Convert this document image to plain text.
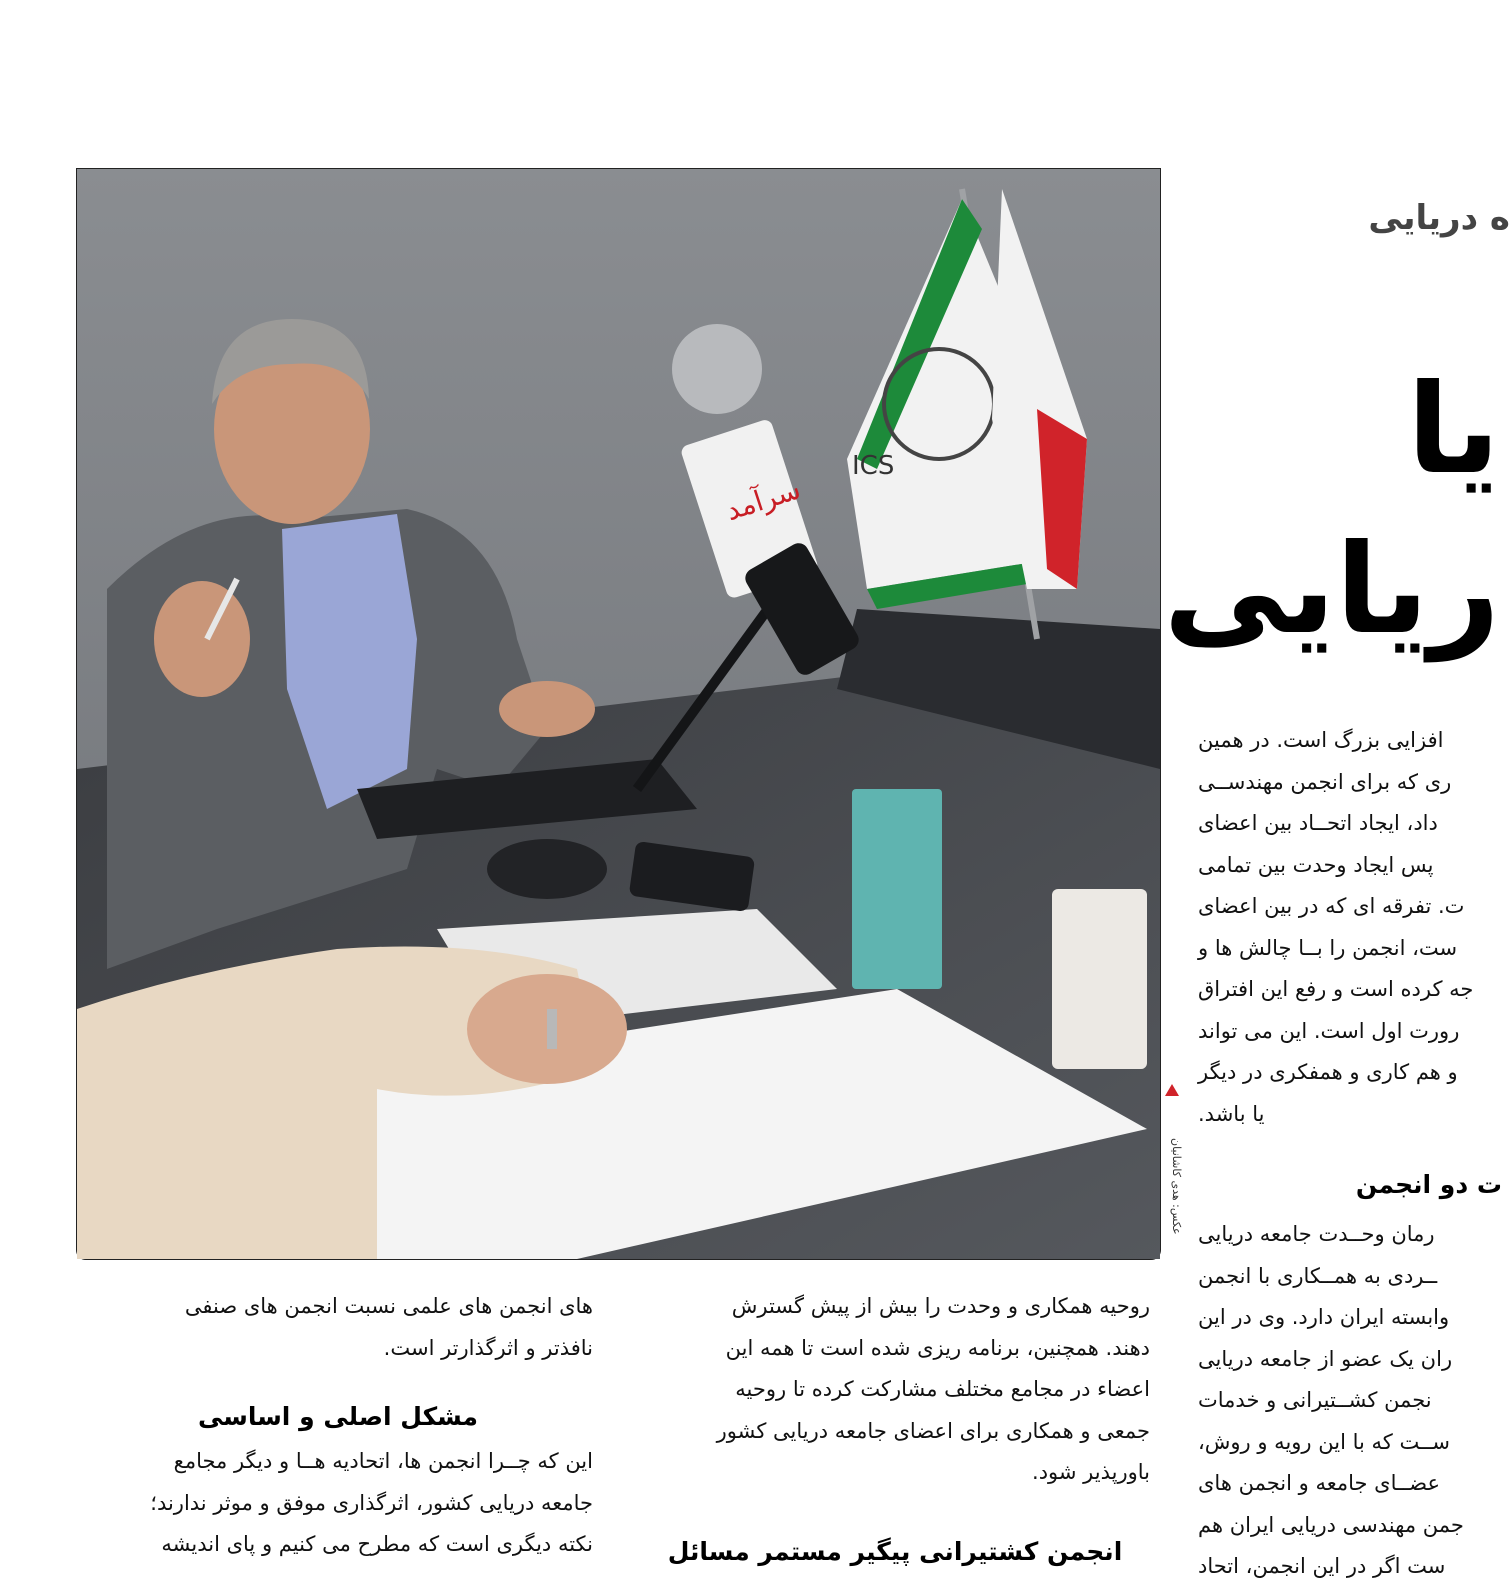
ه دریایی
یا
ریایی
سرآمد
ICS
عکس: هدی کاشانیان

افزایی بزرگ است. در همین

ری که برای انجمن مهندســی

داد، ایجاد اتحــاد بین اعضای

پس ایجاد وحدت بین تمامی

ت. تفرقه ای که در بین اعضای

ست، انجمن را بــا چالش ها و

جه کرده است و رفع این افتراق

رورت اول است. این می تواند

و هم کاری و همفکری در دیگر

یا باشد.

ت دو انجمن

رمان وحــدت جامعه دریایی

ــردی به همــکاری با انجمن

وابسته ایران دارد. وی در این

ران یک عضو از جامعه دریایی

نجمن کشــتیرانی و خدمات

ســت که با این رویه و روش،

عضــای جامعه و انجمن های

جمن مهندسی دریایی ایران هم

ست اگر در این انجمن، اتحاد

روحیه همکاری و وحدت را بیش از پیش گسترش

دهند. همچنین، برنامه ریزی شده است تا همه این

اعضاء در مجامع مختلف مشارکت کرده تا روحیه

جمعی و همکاری برای اعضای جامعه دریایی کشور

باورپذیر شود.

انجمن کشتیرانی پیگیر مستمر مسائل

های انجمن های علمی نسبت انجمن های صنفی

نافذتر و اثرگذارتر است.

مشکل اصلی و اساسی

این که چــرا انجمن ها، اتحادیه هــا و دیگر مجامع

جامعه دریایی کشور، اثرگذاری موفق و موثر ندارند؛

نکته دیگری است که مطرح می کنیم و پای اندیشه
